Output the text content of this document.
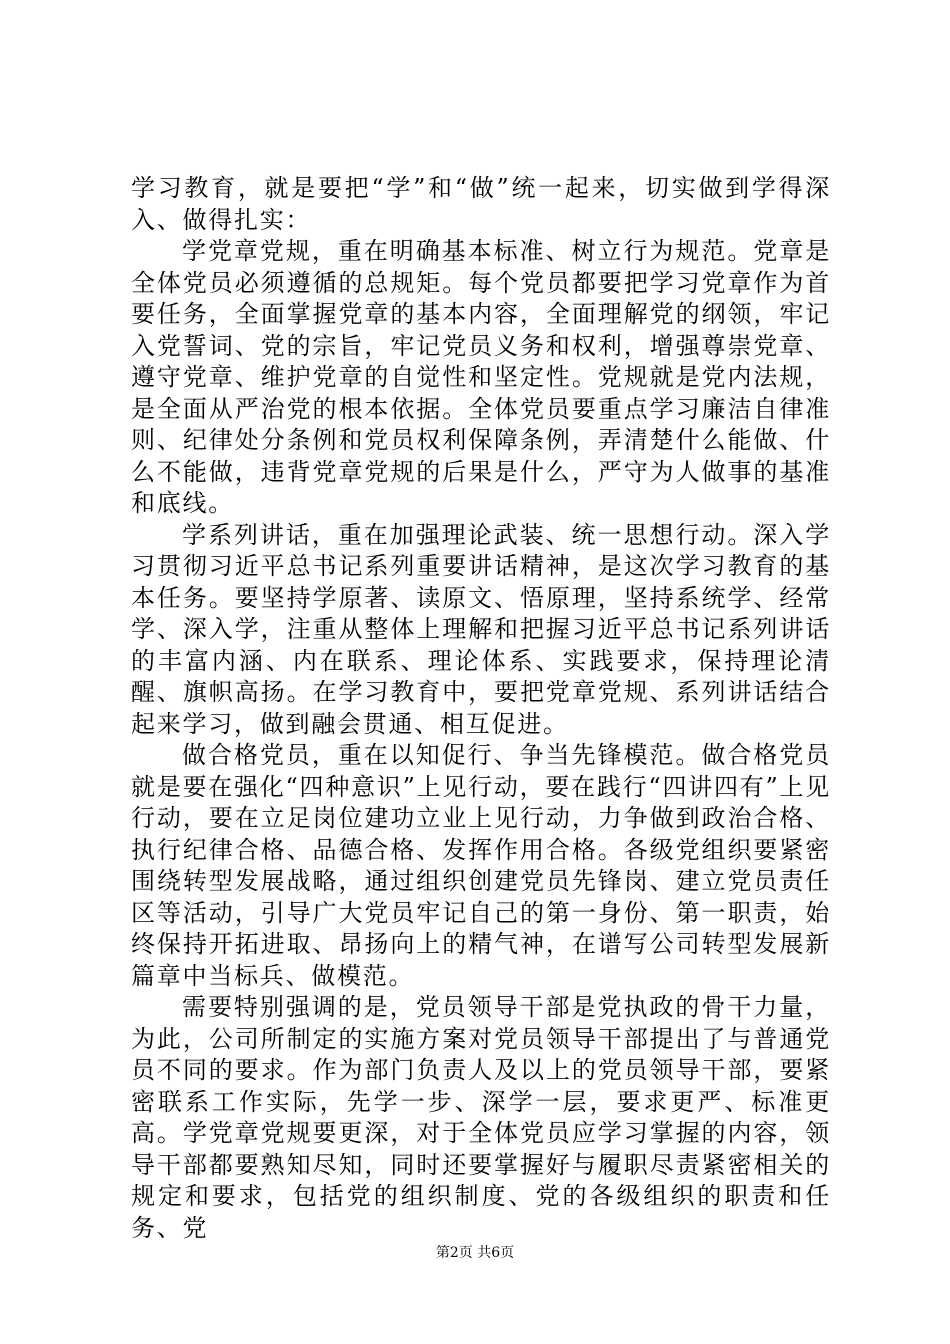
学习教育，就是要把“学”和“做”统一起来，切实做到学得深入、做得扎实：

学党章党规，重在明确基本标准、树立行为规范。党章是全体党员必须遵循的总规矩。每个党员都要把学习党章作为首要任务，全面掌握党章的基本内容，全面理解党的纲领，牢记入党誓词、党的宗旨，牢记党员义务和权利，增强尊崇党章、遵守党章、维护党章的自觉性和坚定性。党规就是党内法规，是全面从严治党的根本依据。全体党员要重点学习廉洁自律准则、纪律处分条例和党员权利保障条例，弄清楚什么能做、什么不能做，违背党章党规的后果是什么，严守为人做事的基准和底线。

学系列讲话，重在加强理论武装、统一思想行动。深入学习贯彻习近平总书记系列重要讲话精神，是这次学习教育的基本任务。要坚持学原著、读原文、悟原理，坚持系统学、经常学、深入学，注重从整体上理解和把握习近平总书记系列讲话的丰富内涵、内在联系、理论体系、实践要求，保持理论清醒、旗帜高扬。在学习教育中，要把党章党规、系列讲话结合起来学习，做到融会贯通、相互促进。

做合格党员，重在以知促行、争当先锋模范。做合格党员就是要在强化“四种意识”上见行动，要在践行“四讲四有”上见行动，要在立足岗位建功立业上见行动，力争做到政治合格、执行纪律合格、品德合格、发挥作用合格。各级党组织要紧密围绕转型发展战略，通过组织创建党员先锋岗、建立党员责任区等活动，引导广大党员牢记自己的第一身份、第一职责，始终保持开拓进取、昂扬向上的精气神，在谱写公司转型发展新篇章中当标兵、做模范。

需要特别强调的是，党员领导干部是党执政的骨干力量，为此，公司所制定的实施方案对党员领导干部提出了与普通党员不同的要求。作为部门负责人及以上的党员领导干部，要紧密联系工作实际，先学一步、深学一层，要求更严、标准更高。学党章党规要更深，对于全体党员应学习掌握的内容，领导干部都要熟知尽知，同时还要掌握好与履职尽责紧密相关的规定和要求，包括党的组织制度、党的各级组织的职责和任务、党

第2页 共6页
